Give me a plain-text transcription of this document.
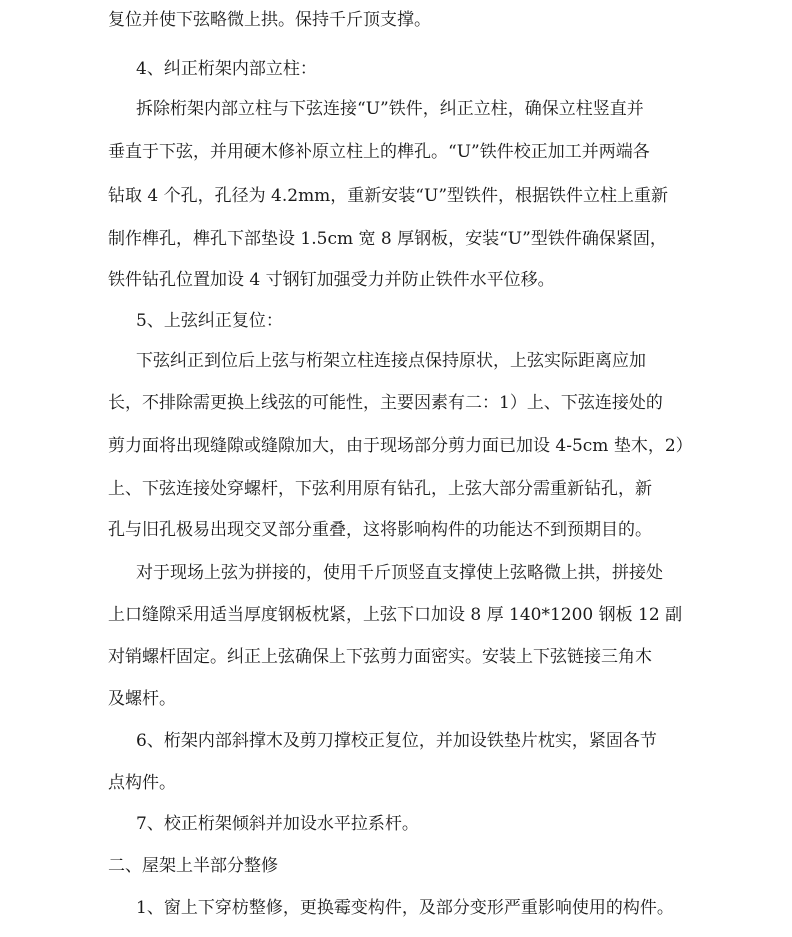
复位并使下弦略微上拱。保持千斤顶支撑。
4、纠正桁架内部立柱：
拆除桁架内部立柱与下弦连接“U”铁件，纠正立柱，确保立柱竖直并
垂直于下弦，并用硬木修补原立柱上的榫孔。“U”铁件校正加工并两端各
钻取 4 个孔，孔径为 4.2mm，重新安装“U”型铁件，根据铁件立柱上重新
制作榫孔，榫孔下部垫设 1.5cm 宽 8 厚钢板，安装“U”型铁件确保紧固，
铁件钻孔位置加设 4 寸钢钉加强受力并防止铁件水平位移。
5、上弦纠正复位：
下弦纠正到位后上弦与桁架立柱连接点保持原状，上弦实际距离应加
长，不排除需更换上线弦的可能性，主要因素有二：1）上、下弦连接处的
剪力面将出现缝隙或缝隙加大，由于现场部分剪力面已加设 4-5cm 垫木，2）
上、下弦连接处穿螺杆，下弦利用原有钻孔，上弦大部分需重新钻孔，新
孔与旧孔极易出现交叉部分重叠，这将影响构件的功能达不到预期目的。
对于现场上弦为拼接的，使用千斤顶竖直支撑使上弦略微上拱，拼接处
上口缝隙采用适当厚度钢板枕紧，上弦下口加设 8 厚 140*1200 钢板 12 副
对销螺杆固定。纠正上弦确保上下弦剪力面密实。安装上下弦链接三角木
及螺杆。
6、桁架内部斜撑木及剪刀撑校正复位，并加设铁垫片枕实，紧固各节
点构件。
7、校正桁架倾斜并加设水平拉系杆。
二、屋架上半部分整修
1、窗上下穿枋整修，更换霉变构件，及部分变形严重影响使用的构件。
